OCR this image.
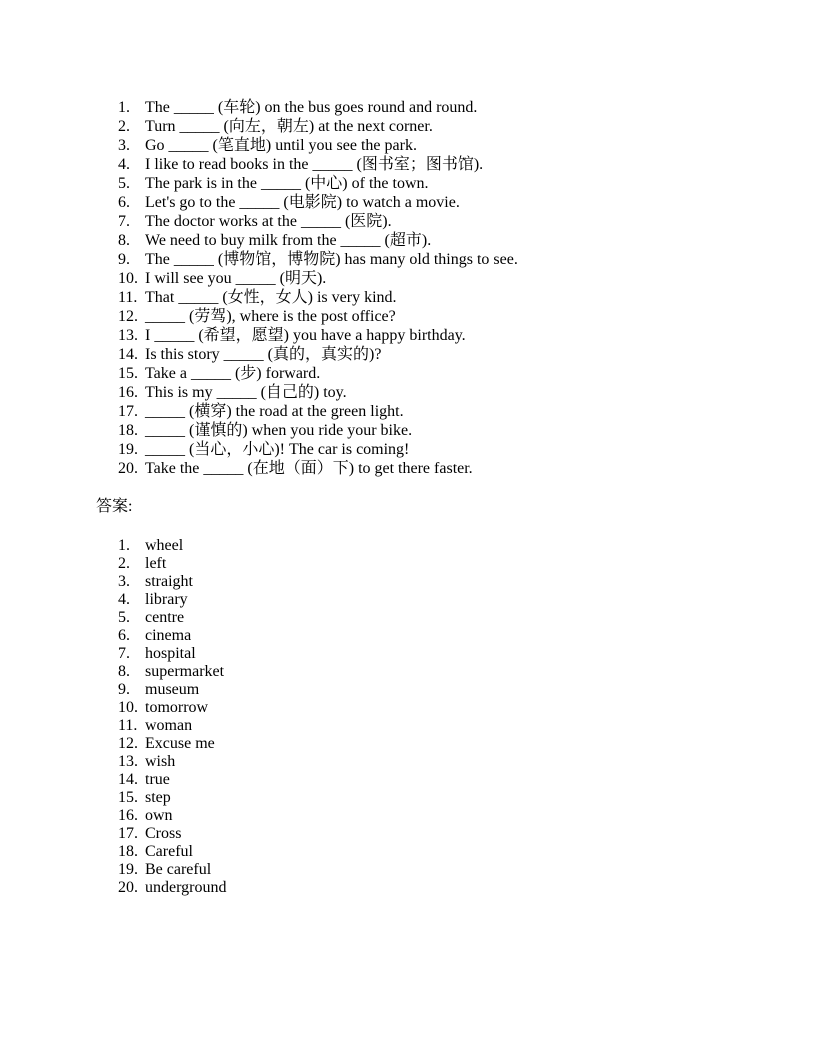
1. The _____ (车轮) on the bus goes round and round.
2. Turn _____ (向左，朝左) at the next corner.
3. Go _____ (笔直地) until you see the park.
4. I like to read books in the _____ (图书室；图书馆).
5. The park is in the _____ (中心) of the town.
6. Let's go to the _____ (电影院) to watch a movie.
7. The doctor works at the _____ (医院).
8. We need to buy milk from the _____ (超市).
9. The _____ (博物馆，博物院) has many old things to see.
10. I will see you _____ (明天).
11. That _____ (女性，女人) is very kind.
12. _____ (劳驾), where is the post office?
13. I _____ (希望，愿望) you have a happy birthday.
14. Is this story _____ (真的，真实的)?
15. Take a _____ (步) forward.
16. This is my _____ (自己的) toy.
17. _____ (横穿) the road at the green light.
18. _____ (谨慎的) when you ride your bike.
19. _____ (当心，小心)! The car is coming!
20. Take the _____ (在地（面）下) to get there faster.
答案:
1. wheel
2. left
3. straight
4. library
5. centre
6. cinema
7. hospital
8. supermarket
9. museum
10. tomorrow
11. woman
12. Excuse me
13. wish
14. true
15. step
16. own
17. Cross
18. Careful
19. Be careful
20. underground
